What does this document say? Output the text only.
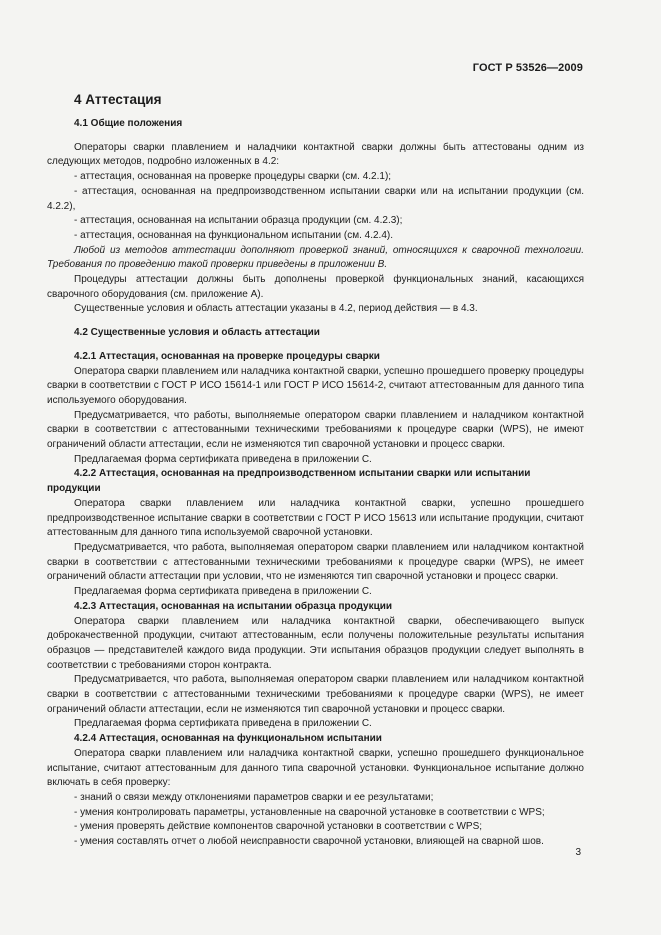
ГОСТ Р 53526—2009
4 Аттестация
4.1 Общие положения

Операторы сварки плавлением и наладчики контактной сварки должны быть аттестованы одним из следующих методов, подробно изложенных в 4.2:

- аттестация, основанная на проверке процедуры сварки (см. 4.2.1);

- аттестация, основанная на предпроизводственном испытании сварки или на испытании продукции (см. 4.2.2),

- аттестация, основанная на испытании образца продукции (см. 4.2.3);

- аттестация, основанная на функциональном испытании (см. 4.2.4).

Любой из методов аттестации дополняют проверкой знаний, относящихся к сварочной технологии. Требования по проведению такой проверки приведены в приложении В.

Процедуры аттестации должны быть дополнены проверкой функциональных знаний, касающихся сварочного оборудования (см. приложение А).

Существенные условия и область аттестации указаны в 4.2, период действия — в 4.3.

4.2 Существенные условия и область аттестации

4.2.1 Аттестация, основанная на проверке процедуры сварки

Оператора сварки плавлением или наладчика контактной сварки, успешно прошедшего проверку процедуры сварки в соответствии с ГОСТ Р ИСО 15614-1 или ГОСТ Р ИСО 15614-2, считают аттестованным для данного типа используемого оборудования.

Предусматривается, что работы, выполняемые оператором сварки плавлением и наладчиком контактной сварки в соответствии с аттестованными техническими требованиями к процедуре сварки (WPS), не имеют ограничений области аттестации, если не изменяются тип сварочной установки и процесс сварки.

Предлагаемая форма сертификата приведена в приложении С.

4.2.2 Аттестация, основанная на предпроизводственном испытании сварки или испытании продукции

Оператора сварки плавлением или наладчика контактной сварки, успешно прошедшего предпроизводственное испытание сварки в соответствии с ГОСТ Р ИСО 15613 или испытание продукции, считают аттестованным для данного типа используемой сварочной установки.

Предусматривается, что работа, выполняемая оператором сварки плавлением или наладчиком контактной сварки в соответствии с аттестованными техническими требованиями к процедуре сварки (WPS), не имеет ограничений области аттестации при условии, что не изменяются тип сварочной установки и процесс сварки.

Предлагаемая форма сертификата приведена в приложении С.

4.2.3 Аттестация, основанная на испытании образца продукции

Оператора сварки плавлением или наладчика контактной сварки, обеспечивающего выпуск доброкачественной продукции, считают аттестованным, если получены положительные результаты испытания образцов — представителей каждого вида продукции. Эти испытания образцов продукции следует выполнять в соответствии с требованиями сторон контракта.

Предусматривается, что работа, выполняемая оператором сварки плавлением или наладчиком контактной сварки в соответствии с аттестованными техническими требованиями к процедуре сварки (WPS), не имеет ограничений области аттестации, если не изменяются тип сварочной установки и процесс сварки.

Предлагаемая форма сертификата приведена в приложении С.

4.2.4 Аттестация, основанная на функциональном испытании

Оператора сварки плавлением или наладчика контактной сварки, успешно прошедшего функциональное испытание, считают аттестованным для данного типа сварочной установки. Функциональное испытание должно включать в себя проверку:

- знаний о связи между отклонениями параметров сварки и ее результатами;

- умения контролировать параметры, установленные на сварочной установке в соответствии с WPS;

- умения проверять действие компонентов сварочной установки в соответствии с WPS;

- умения составлять отчет о любой неисправности сварочной установки, влияющей на сварной шов.

3
